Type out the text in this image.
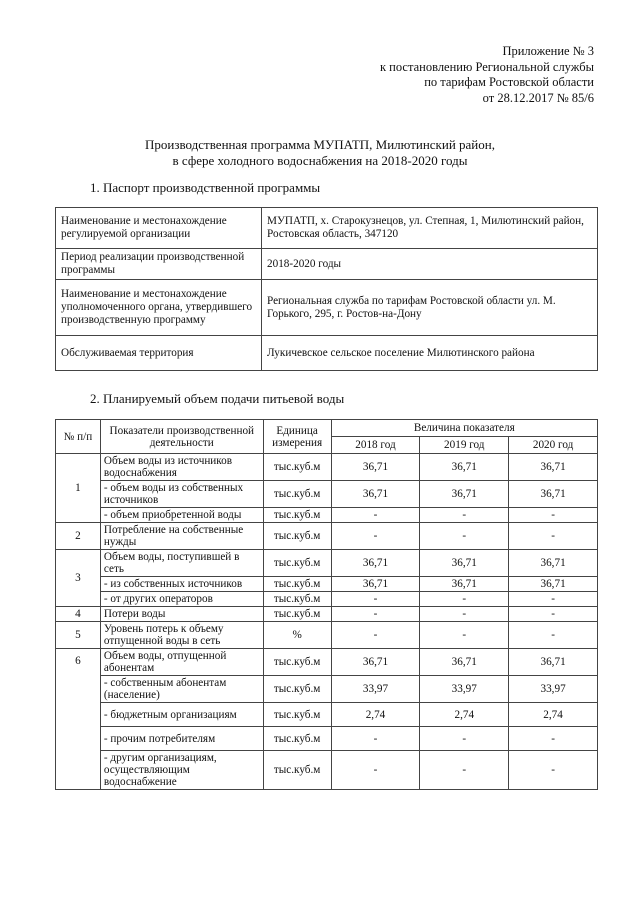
Приложение № 3
к постановлению Региональной службы
по тарифам Ростовской области
от 28.12.2017 № 85/6
Производственная программа МУПАТП, Милютинский район,
в сфере холодного водоснабжения на 2018-2020 годы
1. Паспорт производственной программы
Наименование и местонахождение регулируемой организации	МУПАТП, х. Старокузнецов, ул. Степная, 1, Милютинский район, Ростовская область, 347120
Период реализации производственной программы	2018-2020 годы
Наименование и местонахождение уполномоченного органа, утвердившего производственную программу	Региональная служба по тарифам Ростовской области ул. М. Горького, 295, г. Ростов-на-Дону
Обслуживаемая территория	Лукичевское сельское поселение Милютинского района
2. Планируемый объем подачи питьевой воды
№ п/п	Показатели производственной деятельности	Единица измерения	Величина показателя		
			2018 год	2019 год	2020 год
1	Объем воды из источников водоснабжения	тыс.куб.м	36,71	36,71	36,71
	- объем воды из собственных источников	тыс.куб.м	36,71	36,71	36,71
	- объем приобретенной воды	тыс.куб.м	-	-	-
2	Потребление на собственные нужды	тыс.куб.м	-	-	-
3	Объем воды, поступившей в сеть	тыс.куб.м	36,71	36,71	36,71
	- из собственных источников	тыс.куб.м	36,71	36,71	36,71
	- от других операторов	тыс.куб.м	-	-	-
4	Потери воды	тыс.куб.м	-	-	-
5	Уровень потерь к объему отпущенной воды в сеть	%	-	-	-
6	Объем воды, отпущенной абонентам	тыс.куб.м	36,71	36,71	36,71
	- собственным абонентам (население)	тыс.куб.м	33,97	33,97	33,97
	- бюджетным организациям	тыс.куб.м	2,74	2,74	2,74
	- прочим потребителям	тыс.куб.м	-	-	-
	- другим организациям, осуществляющим водоснабжение	тыс.куб.м	-	-	-
